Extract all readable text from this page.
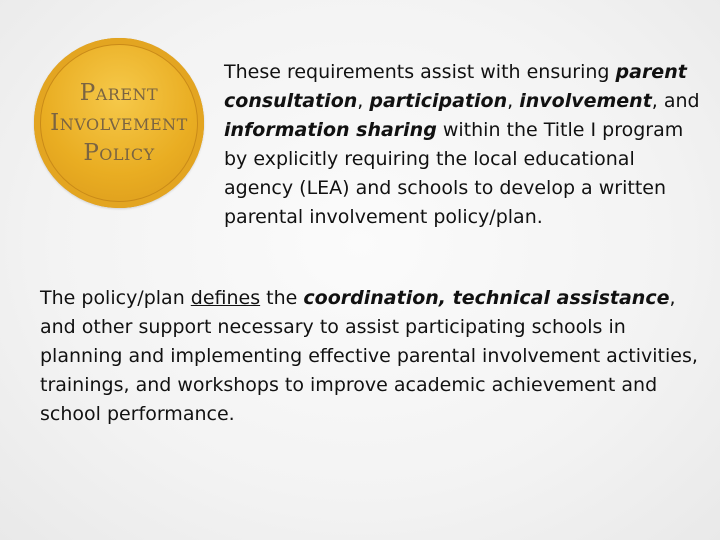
Parent
Involvement
Policy

These requirements assist with ensuring parent consultation, participation, involvement, and information sharing within the Title I program by explicitly requiring the local educational agency (LEA) and schools to develop a written parental involvement policy/plan.

The policy/plan defines the coordination, technical assistance, and other support necessary to assist participating schools in planning and implementing effective parental involvement activities, trainings, and workshops to improve academic achievement and school performance.
